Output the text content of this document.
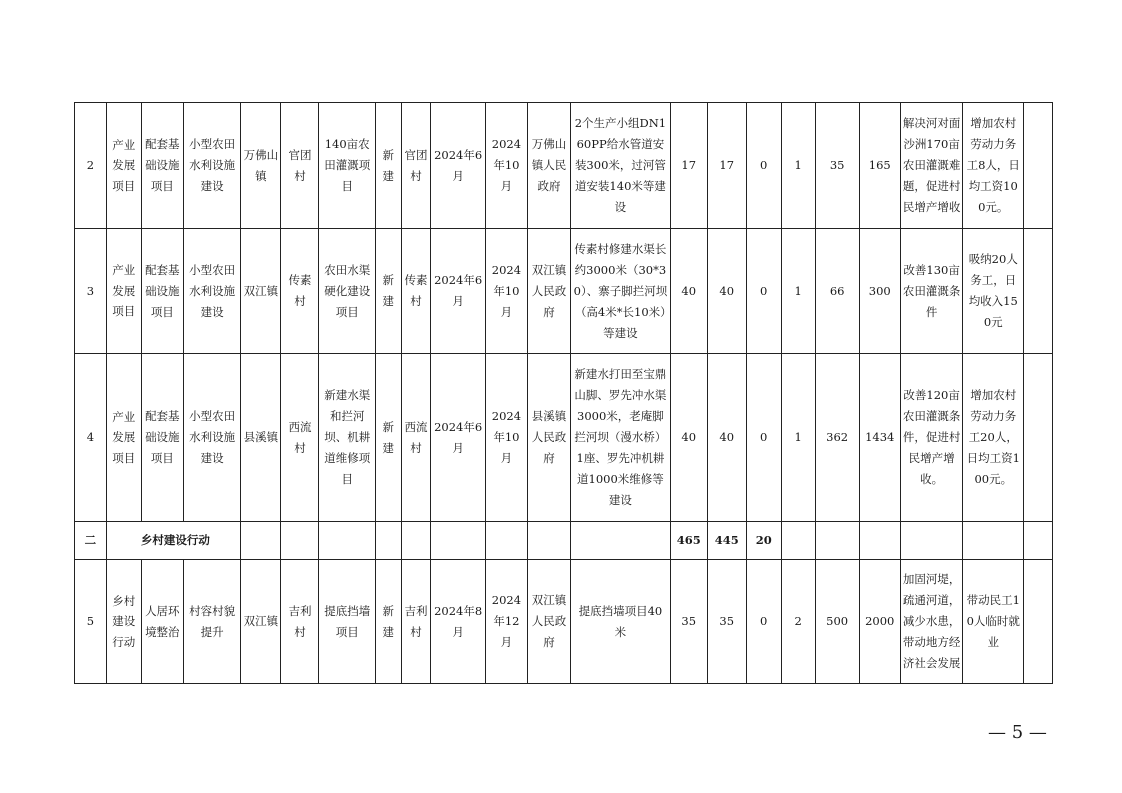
2	产业发展项目	配套基础设施项目	小型农田水利设施建设	万佛山镇	官团村	140亩农田灌溉项目	新建	官团村	2024年6月	2024年10月	万佛山镇人民政府	2个生产小组DN160PP给水管道安装300米，过河管道安装140米等建设	17	17	0	1	35	165	解决河对面沙洲170亩农田灌溉难题，促进村民增产增收	增加农村劳动力务工8人，日均工资100元。	
3	产业发展项目	配套基础设施项目	小型农田水利设施建设	双江镇	传素村	农田水渠硬化建设项目	新建	传素村	2024年6月	2024年10月	双江镇人民政府	传素村修建水渠长约3000米（30*30）、寨子脚拦河坝（高4米*长10米）等建设	40	40	0	1	66	300	改善130亩农田灌溉条件	吸纳20人务工，日均收入150元	
4	产业发展项目	配套基础设施项目	小型农田水利设施建设	县溪镇	西流村	新建水渠和拦河坝、机耕道维修项目	新建	西流村	2024年6月	2024年10月	县溪镇人民政府	新建水打田至宝鼎山脚、罗先冲水渠3000米，老庵脚拦河坝（漫水桥）1座、罗先冲机耕道1000米维修等建设	40	40	0	1	362	1434	改善120亩农田灌溉条件，促进村民增产增收。	增加农村劳动力务工20人，日均工资100元。	
二	乡村建设行动												465	445	20						
5	乡村建设行动	人居环境整治	村容村貌提升	双江镇	吉利村	提底挡墙项目	新建	吉利村	2024年8月	2024年12月	双江镇人民政府	提底挡墙项目40米	35	35	0	2	500	2000	加固河堤，疏通河道，减少水患，带动地方经济社会发展	带动民工10人临时就业	
— 5 —
